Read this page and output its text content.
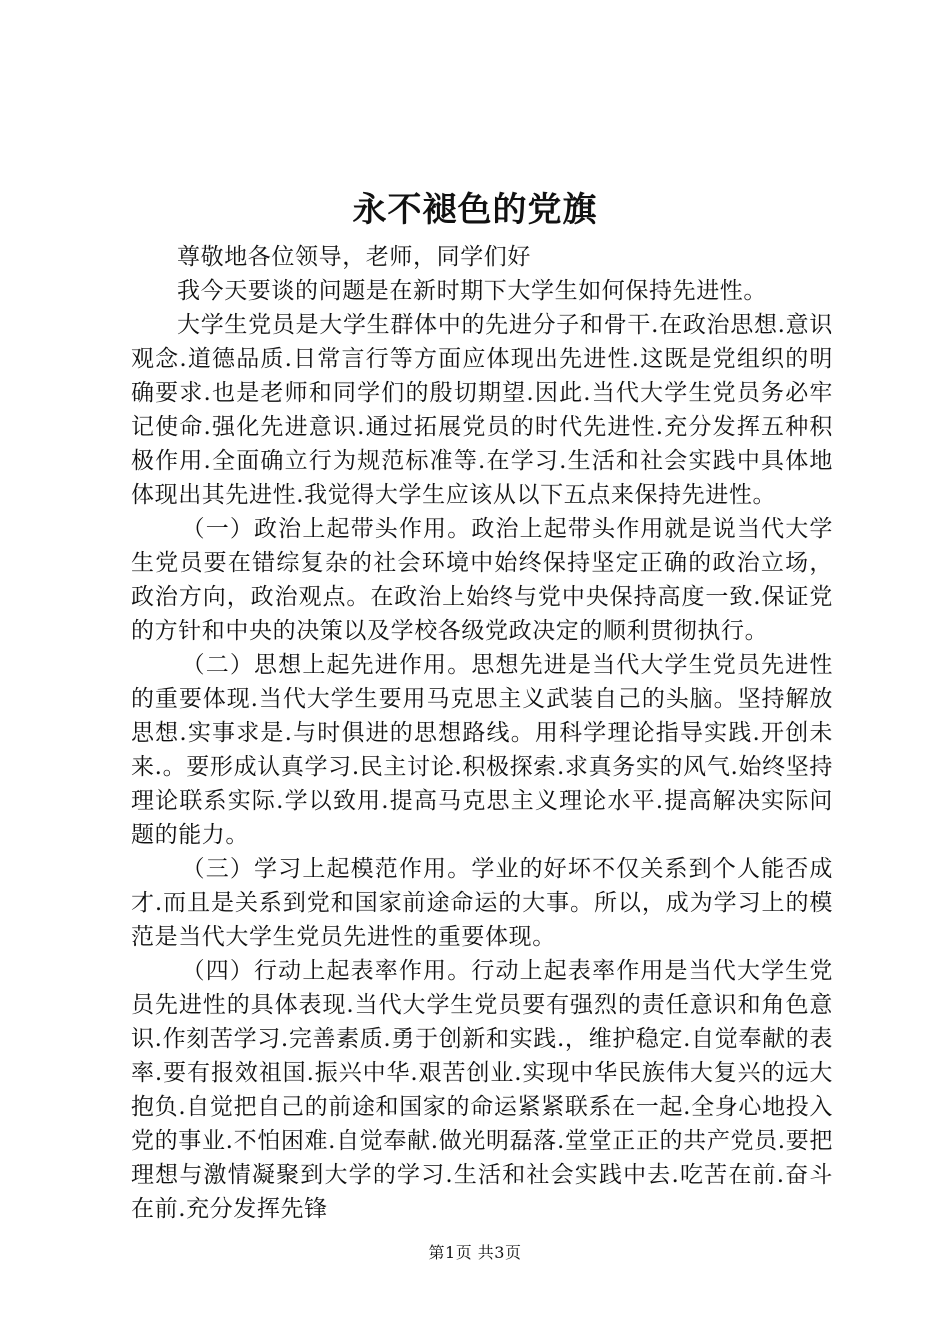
永不褪色的党旗

尊敬地各位领导，老师，同学们好

我今天要谈的问题是在新时期下大学生如何保持先进性。

大学生党员是大学生群体中的先进分子和骨干.在政治思想.意识观念.道德品质.日常言行等方面应体现出先进性.这既是党组织的明确要求.也是老师和同学们的殷切期望.因此.当代大学生党员务必牢记使命.强化先进意识.通过拓展党员的时代先进性.充分发挥五种积极作用.全面确立行为规范标准等.在学习.生活和社会实践中具体地体现出其先进性.我觉得大学生应该从以下五点来保持先进性。

（一）政治上起带头作用。政治上起带头作用就是说当代大学生党员要在错综复杂的社会环境中始终保持坚定正确的政治立场，政治方向，政治观点。在政治上始终与党中央保持高度一致.保证党的方针和中央的决策以及学校各级党政决定的顺利贯彻执行。

（二）思想上起先进作用。思想先进是当代大学生党员先进性的重要体现.当代大学生要用马克思主义武装自己的头脑。坚持解放思想.实事求是.与时俱进的思想路线。用科学理论指导实践.开创未来.。要形成认真学习.民主讨论.积极探索.求真务实的风气.始终坚持理论联系实际.学以致用.提高马克思主义理论水平.提高解决实际问题的能力。

（三）学习上起模范作用。学业的好坏不仅关系到个人能否成才.而且是关系到党和国家前途命运的大事。所以，成为学习上的模范是当代大学生党员先进性的重要体现。

（四）行动上起表率作用。行动上起表率作用是当代大学生党员先进性的具体表现.当代大学生党员要有强烈的责任意识和角色意识.作刻苦学习.完善素质.勇于创新和实践.，维护稳定.自觉奉献的表率.要有报效祖国.振兴中华.艰苦创业.实现中华民族伟大复兴的远大抱负.自觉把自己的前途和国家的命运紧紧联系在一起.全身心地投入党的事业.不怕困难.自觉奉献.做光明磊落.堂堂正正的共产党员.要把理想与激情凝聚到大学的学习.生活和社会实践中去.吃苦在前.奋斗在前.充分发挥先锋

第1页 共3页
